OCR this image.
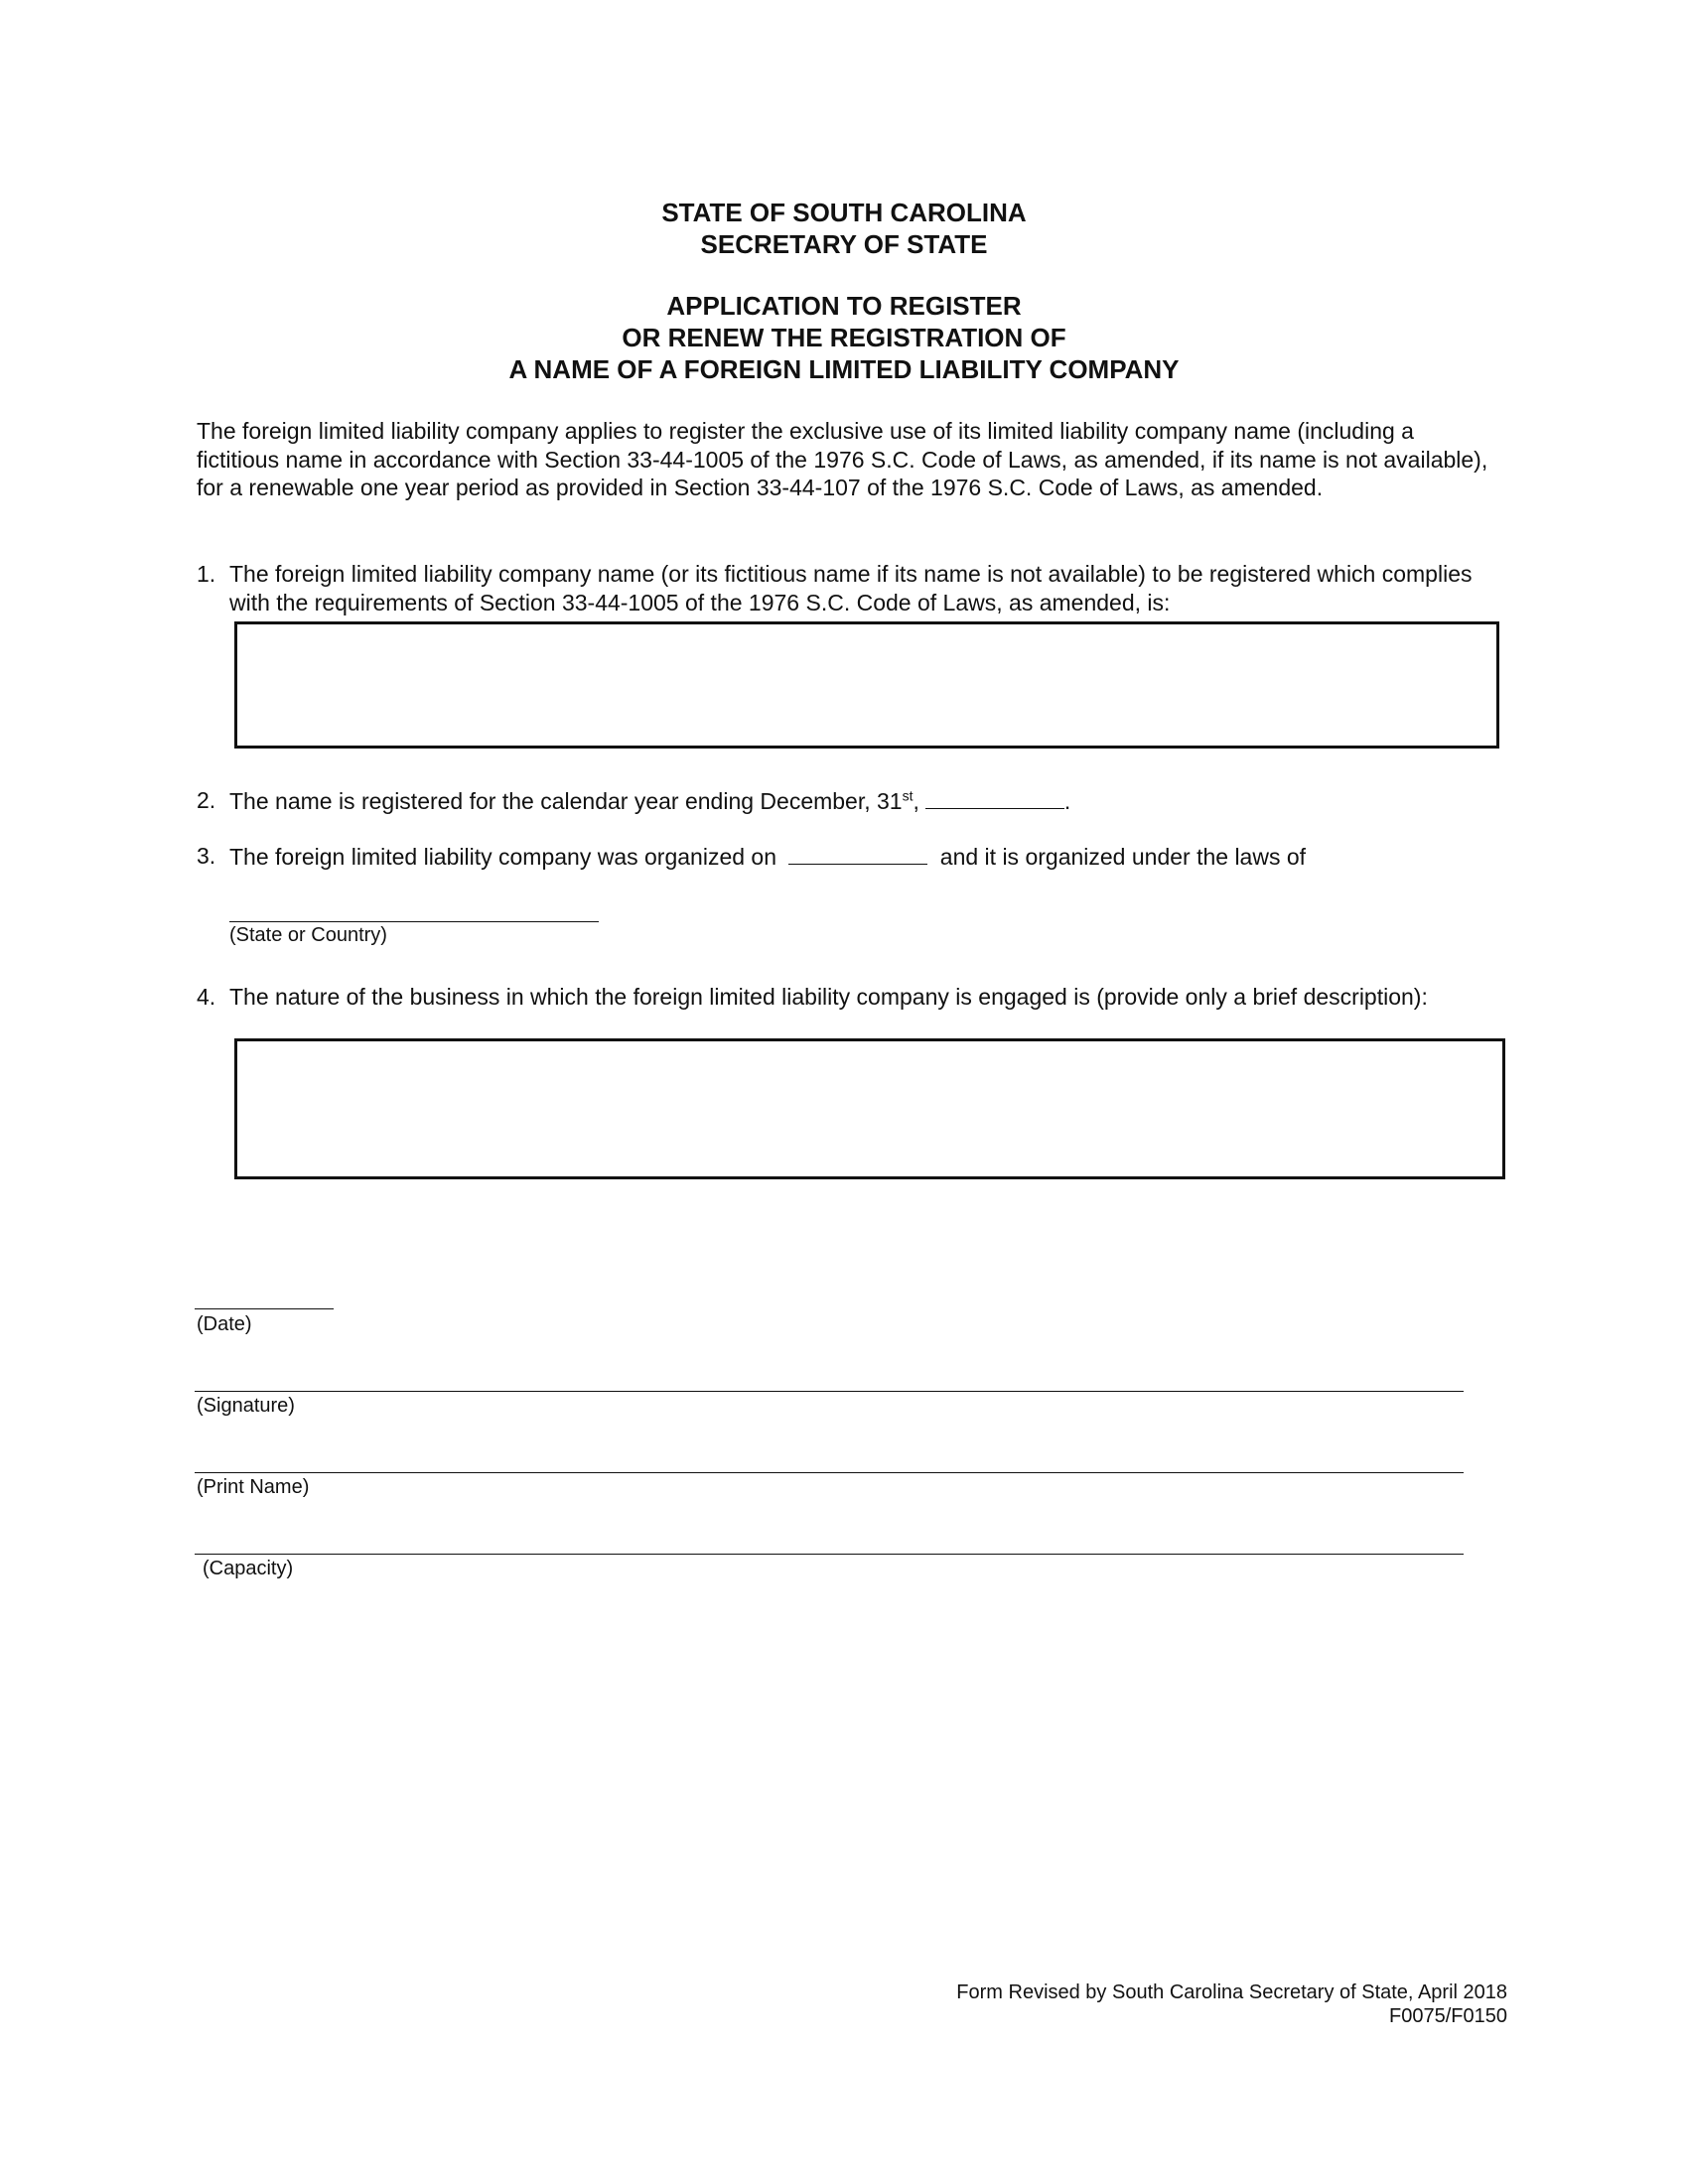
STATE OF SOUTH CAROLINA
SECRETARY OF STATE
APPLICATION TO REGISTER
OR RENEW THE REGISTRATION OF
A NAME OF A FOREIGN LIMITED LIABILITY COMPANY
The foreign limited liability company applies to register the exclusive use of its limited liability company name (including a fictitious name in accordance with Section 33-44-1005 of the 1976 S.C. Code of Laws, as amended, if its name is not available), for a renewable one year period as provided in Section 33-44-107 of the 1976 S.C. Code of Laws, as amended.
1. The foreign limited liability company name (or its fictitious name if its name is not available) to be registered which complies with the requirements of Section 33-44-1005 of the 1976 S.C. Code of Laws, as amended, is:
2. The name is registered for the calendar year ending December, 31st,	.
3. The foreign limited liability company was organized on	and it is organized under the laws of
(State or Country)
4. The nature of the business in which the foreign limited liability company is engaged is (provide only a brief description):
(Date)
(Signature)
(Print Name)
(Capacity)
Form Revised by South Carolina Secretary of State, April 2018
F0075/F0150
